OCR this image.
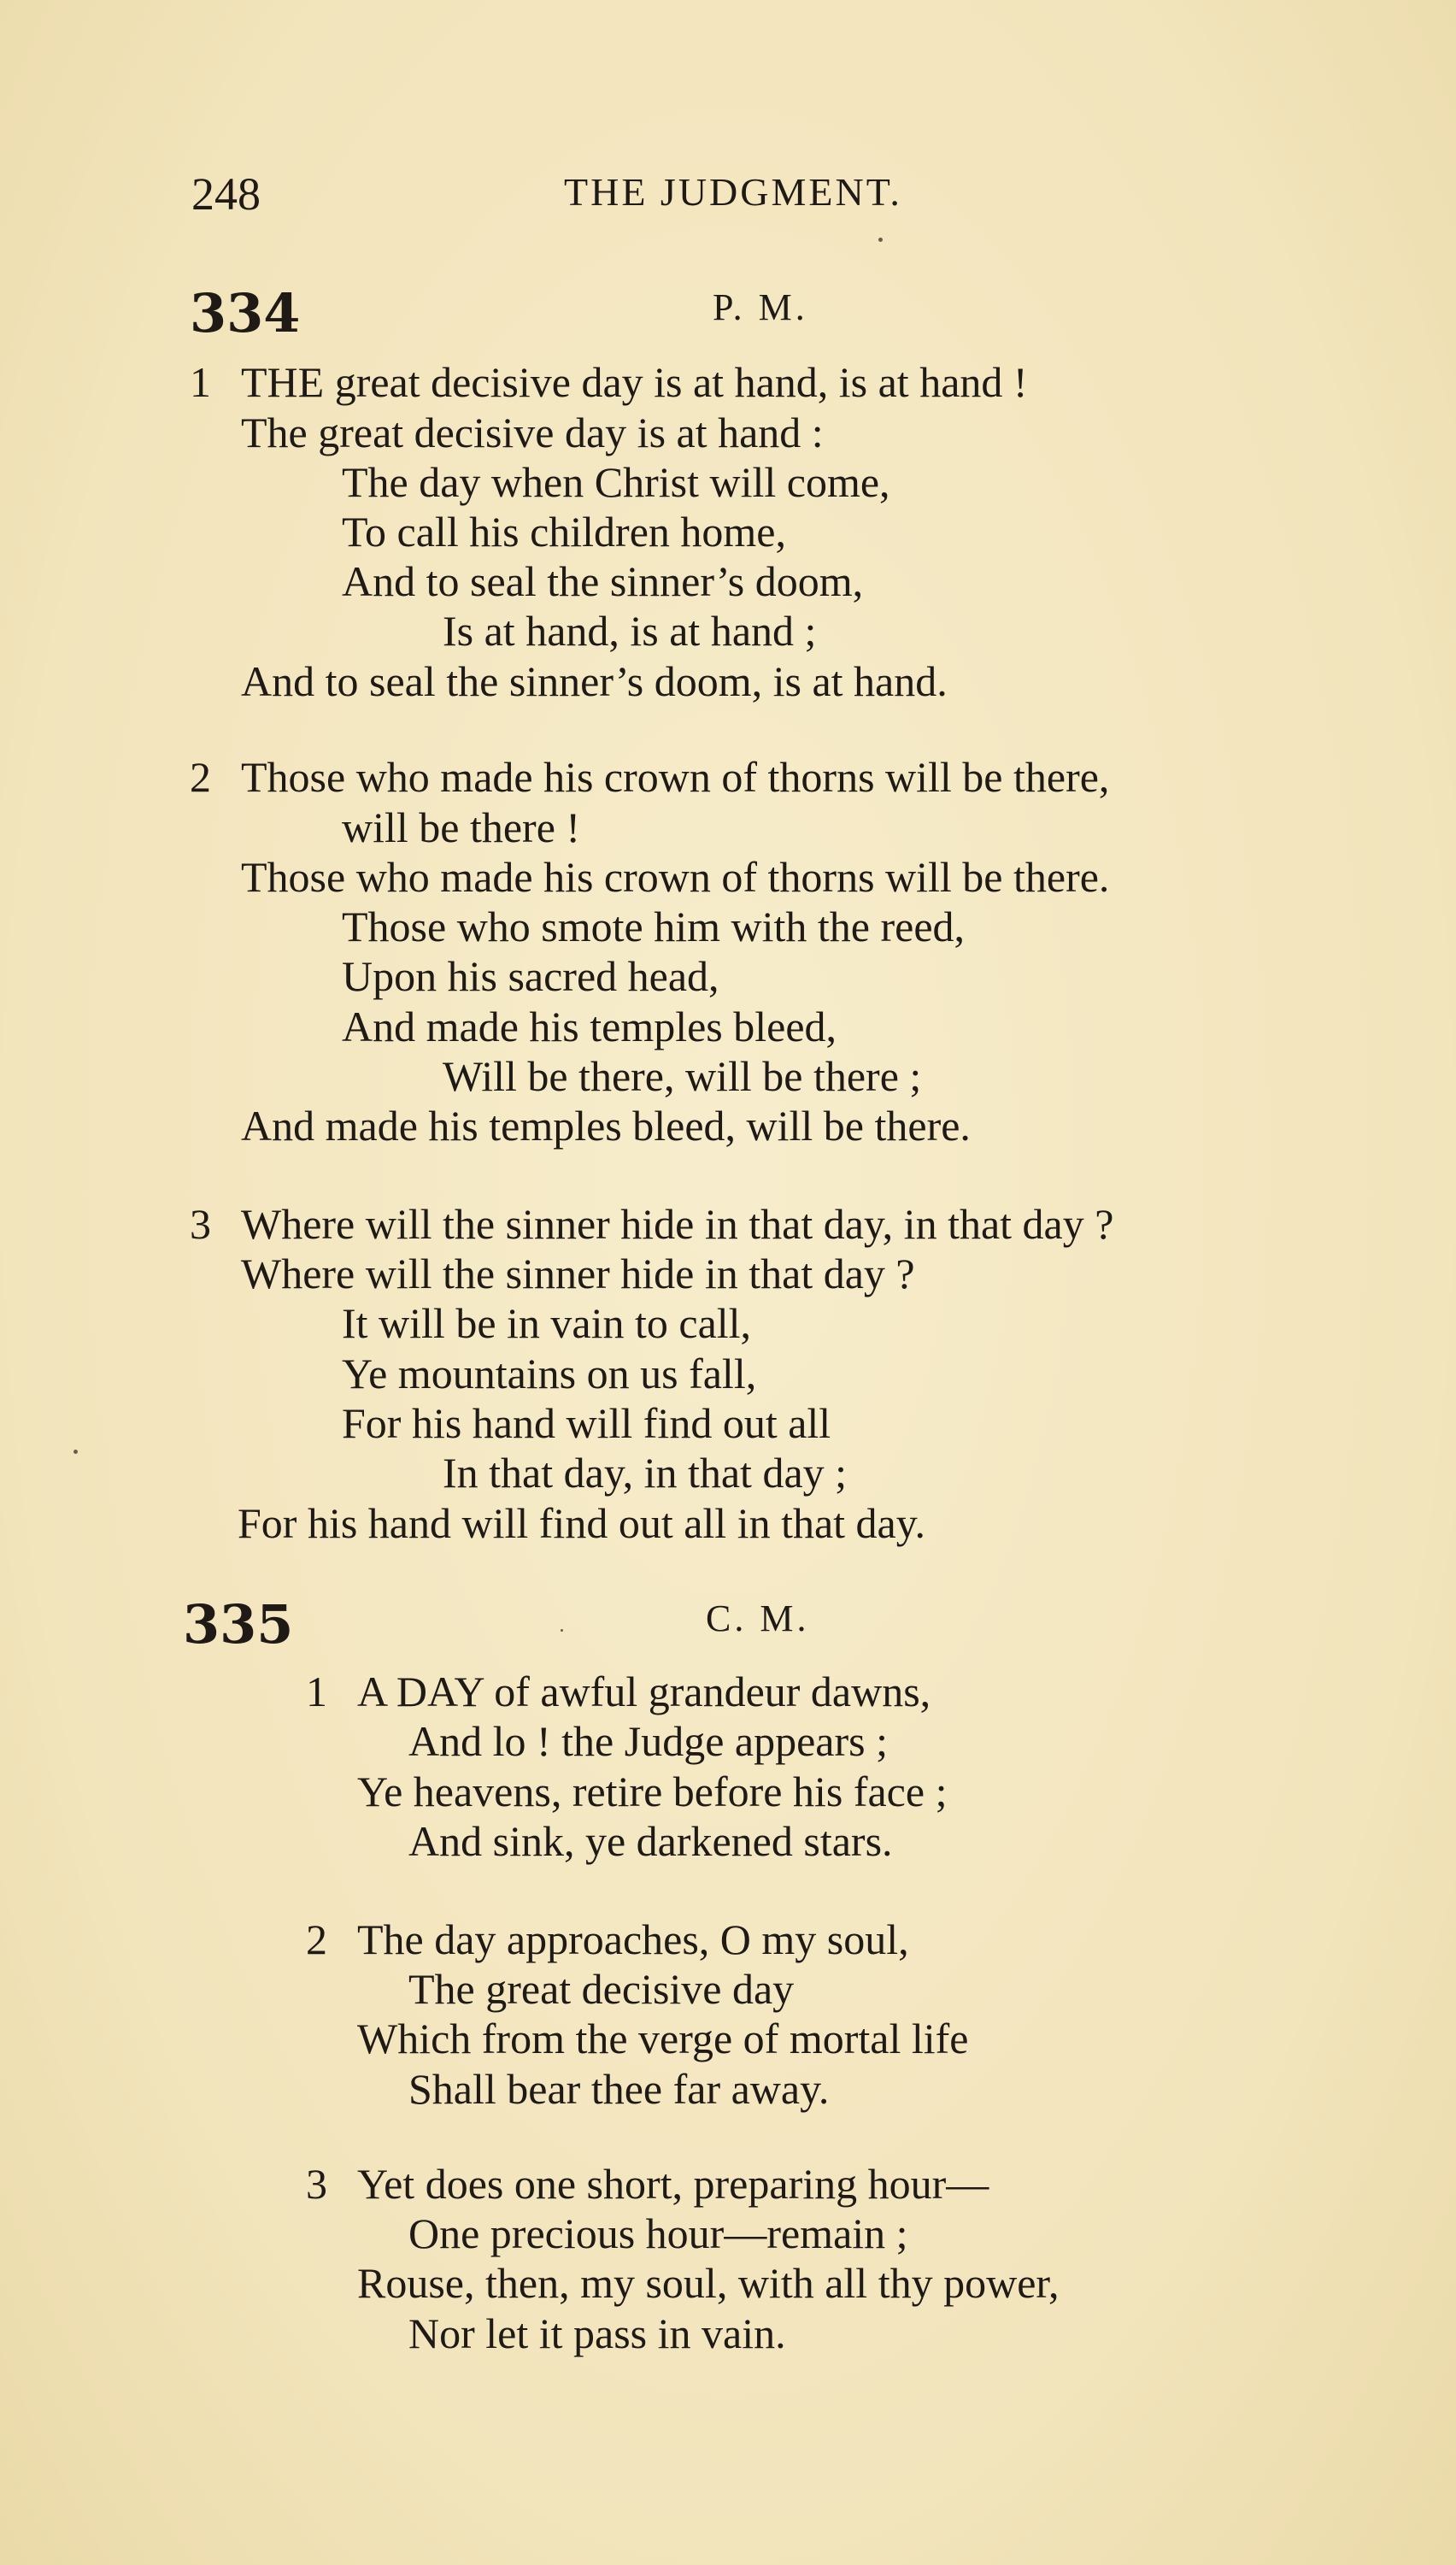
248	THE JUDGMENT.
334	P. M.
1 THE great decisive day is at hand, is at hand !
The great decisive day is at hand :
The day when Christ will come,
To call his children home,
And to seal the sinner’s doom,
Is at hand, is at hand ;
And to seal the sinner’s doom, is at hand.
2 Those who made his crown of thorns will be there,
will be there !
Those who made his crown of thorns will be there.
Those who smote him with the reed,
Upon his sacred head,
And made his temples bleed,
Will be there, will be there ;
And made his temples bleed, will be there.
3 Where will the sinner hide in that day, in that day ?
Where will the sinner hide in that day ?
It will be in vain to call,
Ye mountains on us fall,
For his hand will find out all
In that day, in that day ;
For his hand will find out all in that day.
335	C. M.
1 A DAY of awful grandeur dawns,
And lo ! the Judge appears ;
Ye heavens, retire before his face ;
And sink, ye darkened stars.
2 The day approaches, O my soul,
The great decisive day
Which from the verge of mortal life
Shall bear thee far away.
3 Yet does one short, preparing hour—
One precious hour—remain ;
Rouse, then, my soul, with all thy power,
Nor let it pass in vain.
